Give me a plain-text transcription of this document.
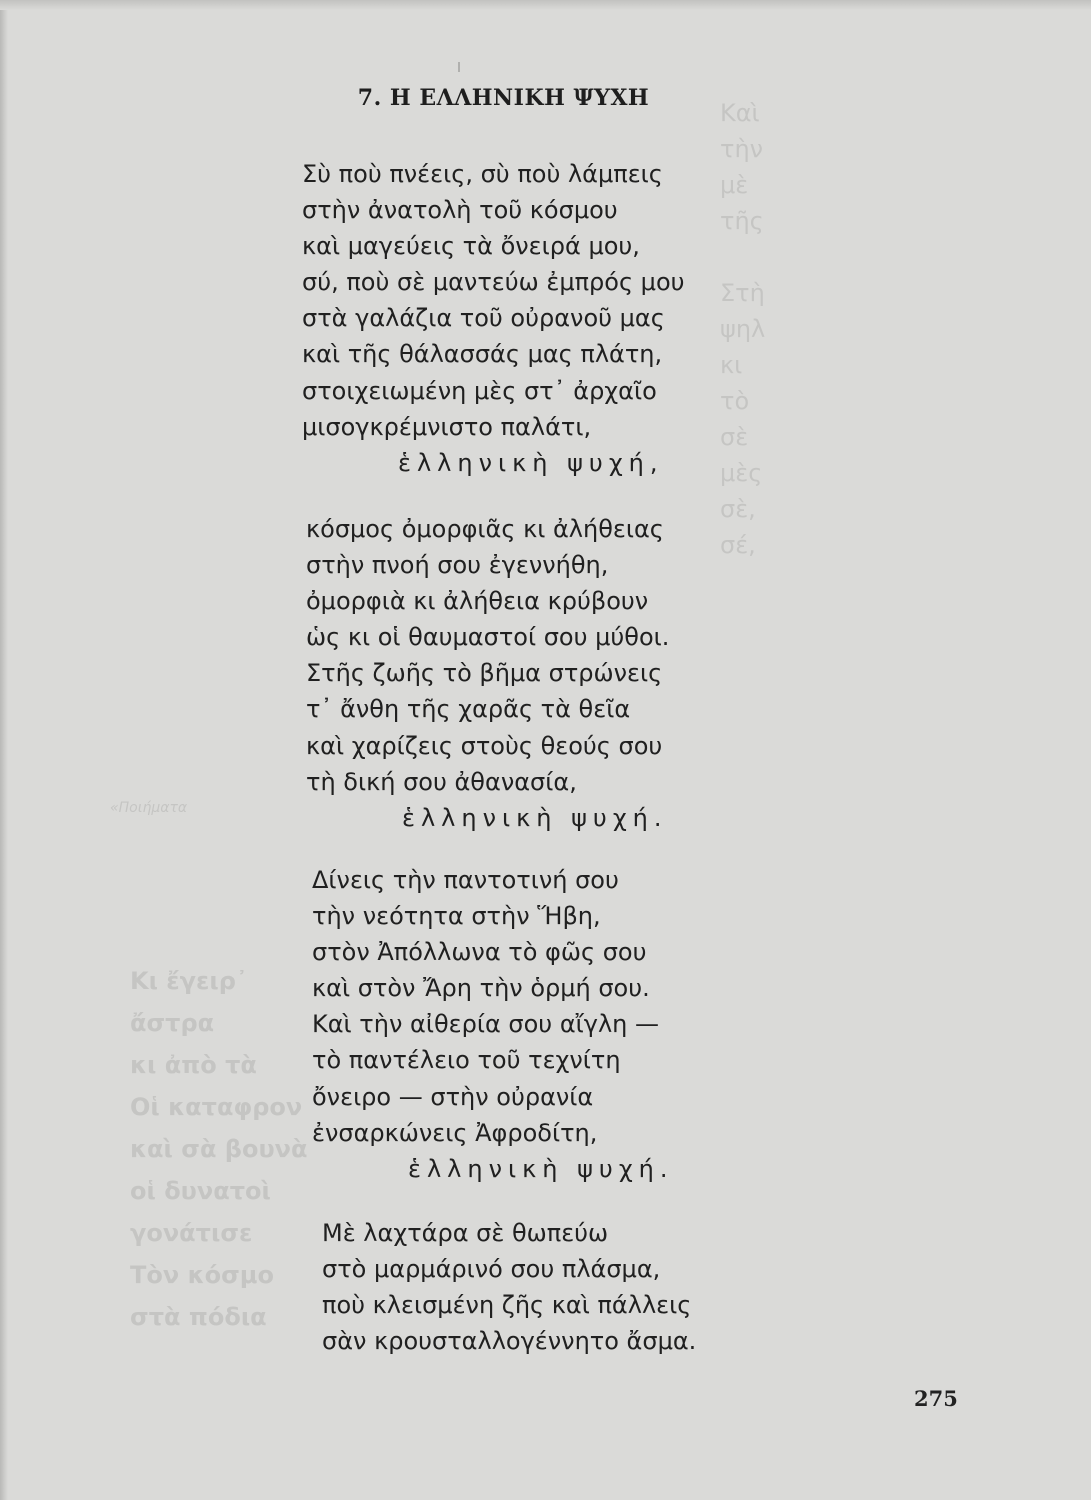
Καὶ
τὴν
μὲ
τῆς

Στὴ
ψηλ
κι
τὸ
σὲ
μὲς
σὲ,
σέ,
Κι ἔγειρ᾽
ἄστρα
κι ἀπὸ τὰ
Οἱ καταφρον
καὶ σὰ βουνὰ
οἱ δυνατοὶ
γονάτισε
Τὸν κόσμο
στὰ πόδια
«Ποιήματα
7. Η ΕΛΛΗΝΙΚΗ ΨΥΧΗ
Σὺ ποὺ πνέεις, σὺ ποὺ λάμπεις
στὴν ἀνατολὴ τοῦ κόσμου
καὶ μαγεύεις τὰ ὄνειρά μου,
σύ, ποὺ σὲ μαντεύω ἐμπρός μου
στὰ γαλάζια τοῦ οὐρανοῦ μας
καὶ τῆς θάλασσάς μας πλάτη,
στοιχειωμένη μὲς στ᾽ ἀρχαῖο
μισογκρέμνιστο παλάτι,
ἑλληνικὴ ψυχή,
κόσμος ὀμορφιᾶς κι ἀλήθειας
στὴν πνοή σου ἐγεννήθη,
ὀμορφιὰ κι ἀλήθεια κρύβουν
ὡς κι οἱ θαυμαστοί σου μύθοι.
Στῆς ζωῆς τὸ βῆμα στρώνεις
τ᾽ ἄνθη τῆς χαρᾶς τὰ θεῖα
καὶ χαρίζεις στοὺς θεούς σου
τὴ δική σου ἀθανασία,
ἑλληνικὴ ψυχή.
Δίνεις τὴν παντοτινή σου
τὴν νεότητα στὴν Ἥβη,
στὸν Ἀπόλλωνα τὸ φῶς σου
καὶ στὸν Ἄρη τὴν ὁρμή σου.
Καὶ τὴν αἰθερία σου αἴγλη —
τὸ παντέλειο τοῦ τεχνίτη
ὄνειρο — στὴν οὐρανία
ἐνσαρκώνεις Ἀφροδίτη,
ἑλληνικὴ ψυχή.
Μὲ λαχτάρα σὲ θωπεύω
στὸ μαρμάρινό σου πλάσμα,
ποὺ κλεισμένη ζῆς καὶ πάλλεις
σὰν κρουσταλλογέννητο ἄσμα.
275
